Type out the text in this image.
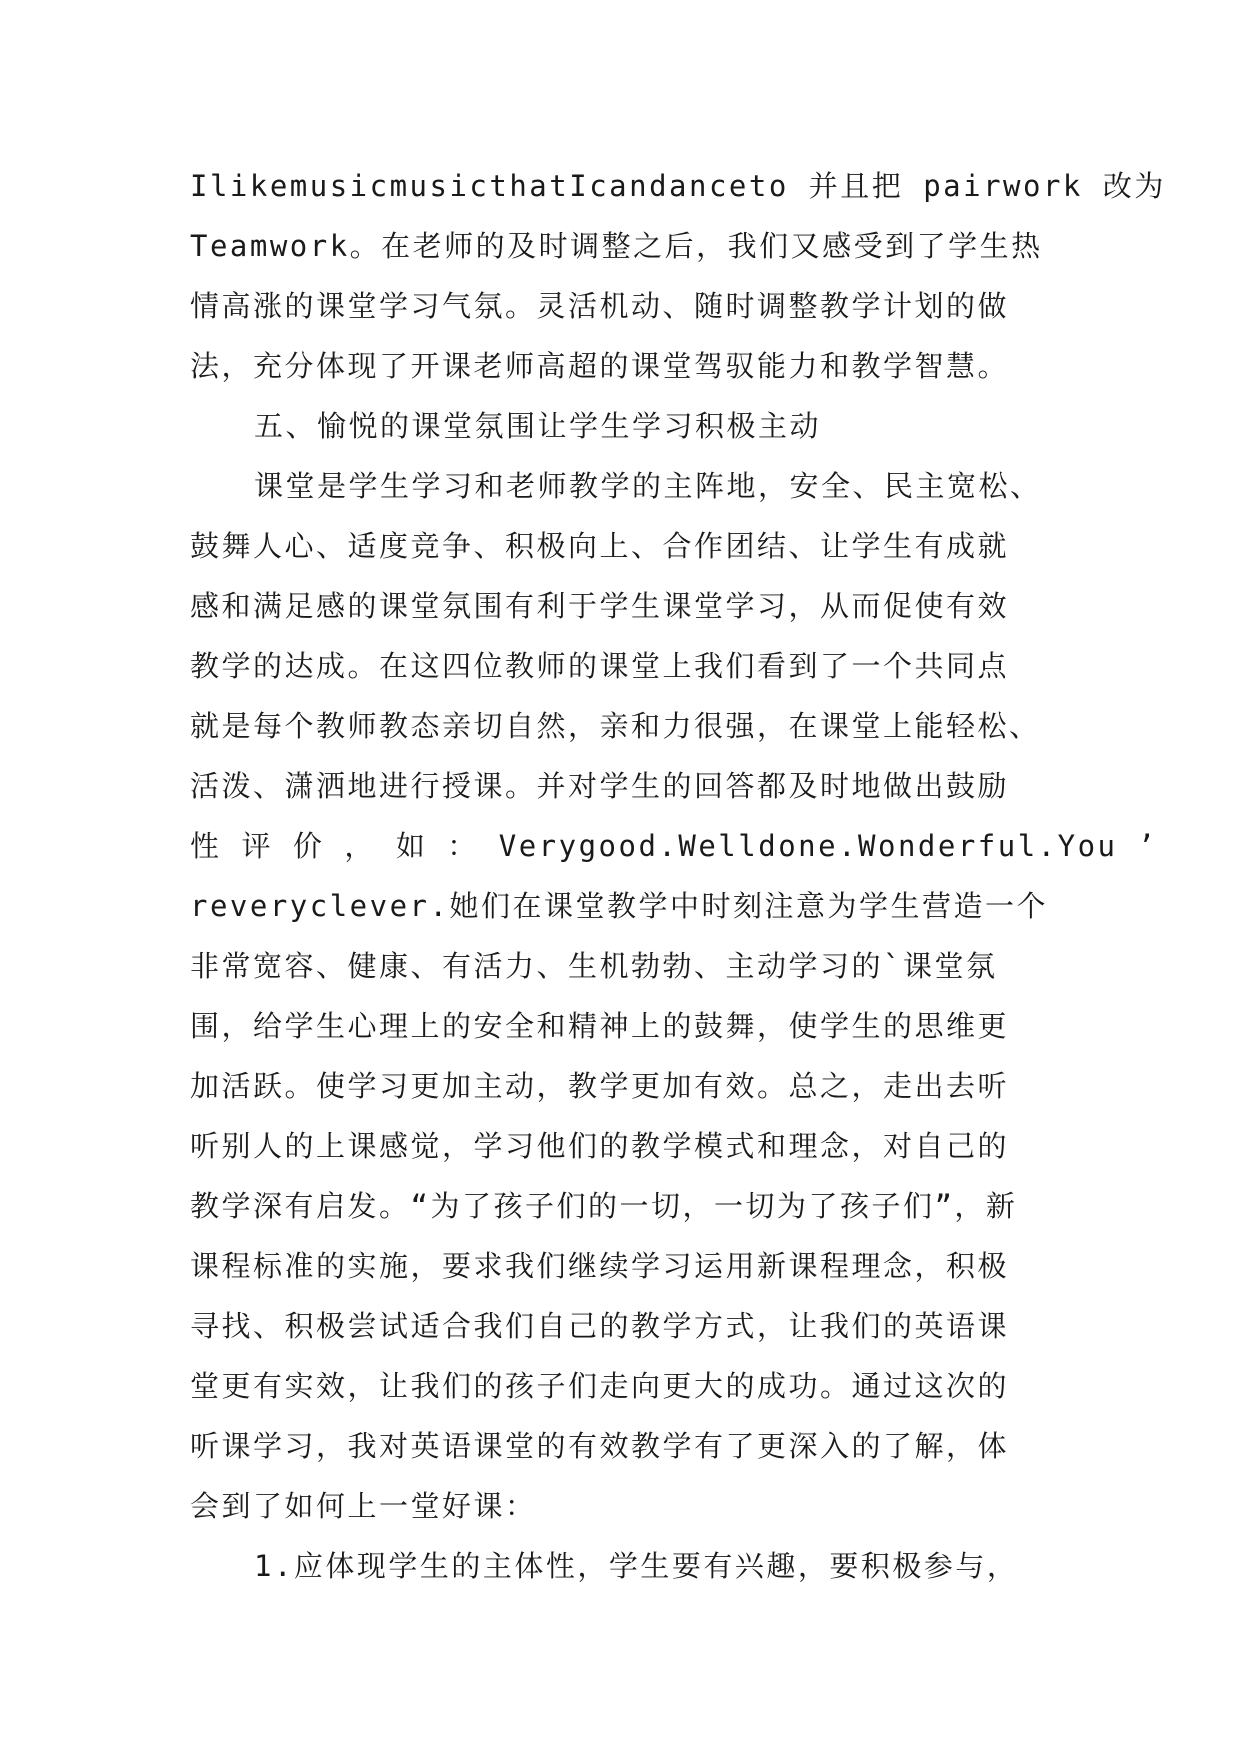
IlikemusicmusicthatIcandanceto 并且把 pairwork 改为
Teamwork。在老师的及时调整之后，我们又感受到了学生热
情高涨的课堂学习气氛。灵活机动、随时调整教学计划的做
法，充分体现了开课老师高超的课堂驾驭能力和教学智慧。
五、愉悦的课堂氛围让学生学习积极主动
课堂是学生学习和老师教学的主阵地，安全、民主宽松、
鼓舞人心、适度竞争、积极向上、合作团结、让学生有成就
感和满足感的课堂氛围有利于学生课堂学习，从而促使有效
教学的达成。在这四位教师的课堂上我们看到了一个共同点
就是每个教师教态亲切自然，亲和力很强，在课堂上能轻松、
活泼、潇洒地进行授课。并对学生的回答都及时地做出鼓励
性 评 价 ， 如 ： Verygood.Welldone.Wonderful.You ’
reveryclever.她们在课堂教学中时刻注意为学生营造一个
非常宽容、健康、有活力、生机勃勃、主动学习的`课堂氛
围，给学生心理上的安全和精神上的鼓舞，使学生的思维更
加活跃。使学习更加主动，教学更加有效。总之，走出去听
听别人的上课感觉，学习他们的教学模式和理念，对自己的
教学深有启发。“为了孩子们的一切，一切为了孩子们”，新
课程标准的实施，要求我们继续学习运用新课程理念，积极
寻找、积极尝试适合我们自己的教学方式，让我们的英语课
堂更有实效，让我们的孩子们走向更大的成功。通过这次的
听课学习，我对英语课堂的有效教学有了更深入的了解，体
会到了如何上一堂好课：
1.应体现学生的主体性，学生要有兴趣，要积极参与，
